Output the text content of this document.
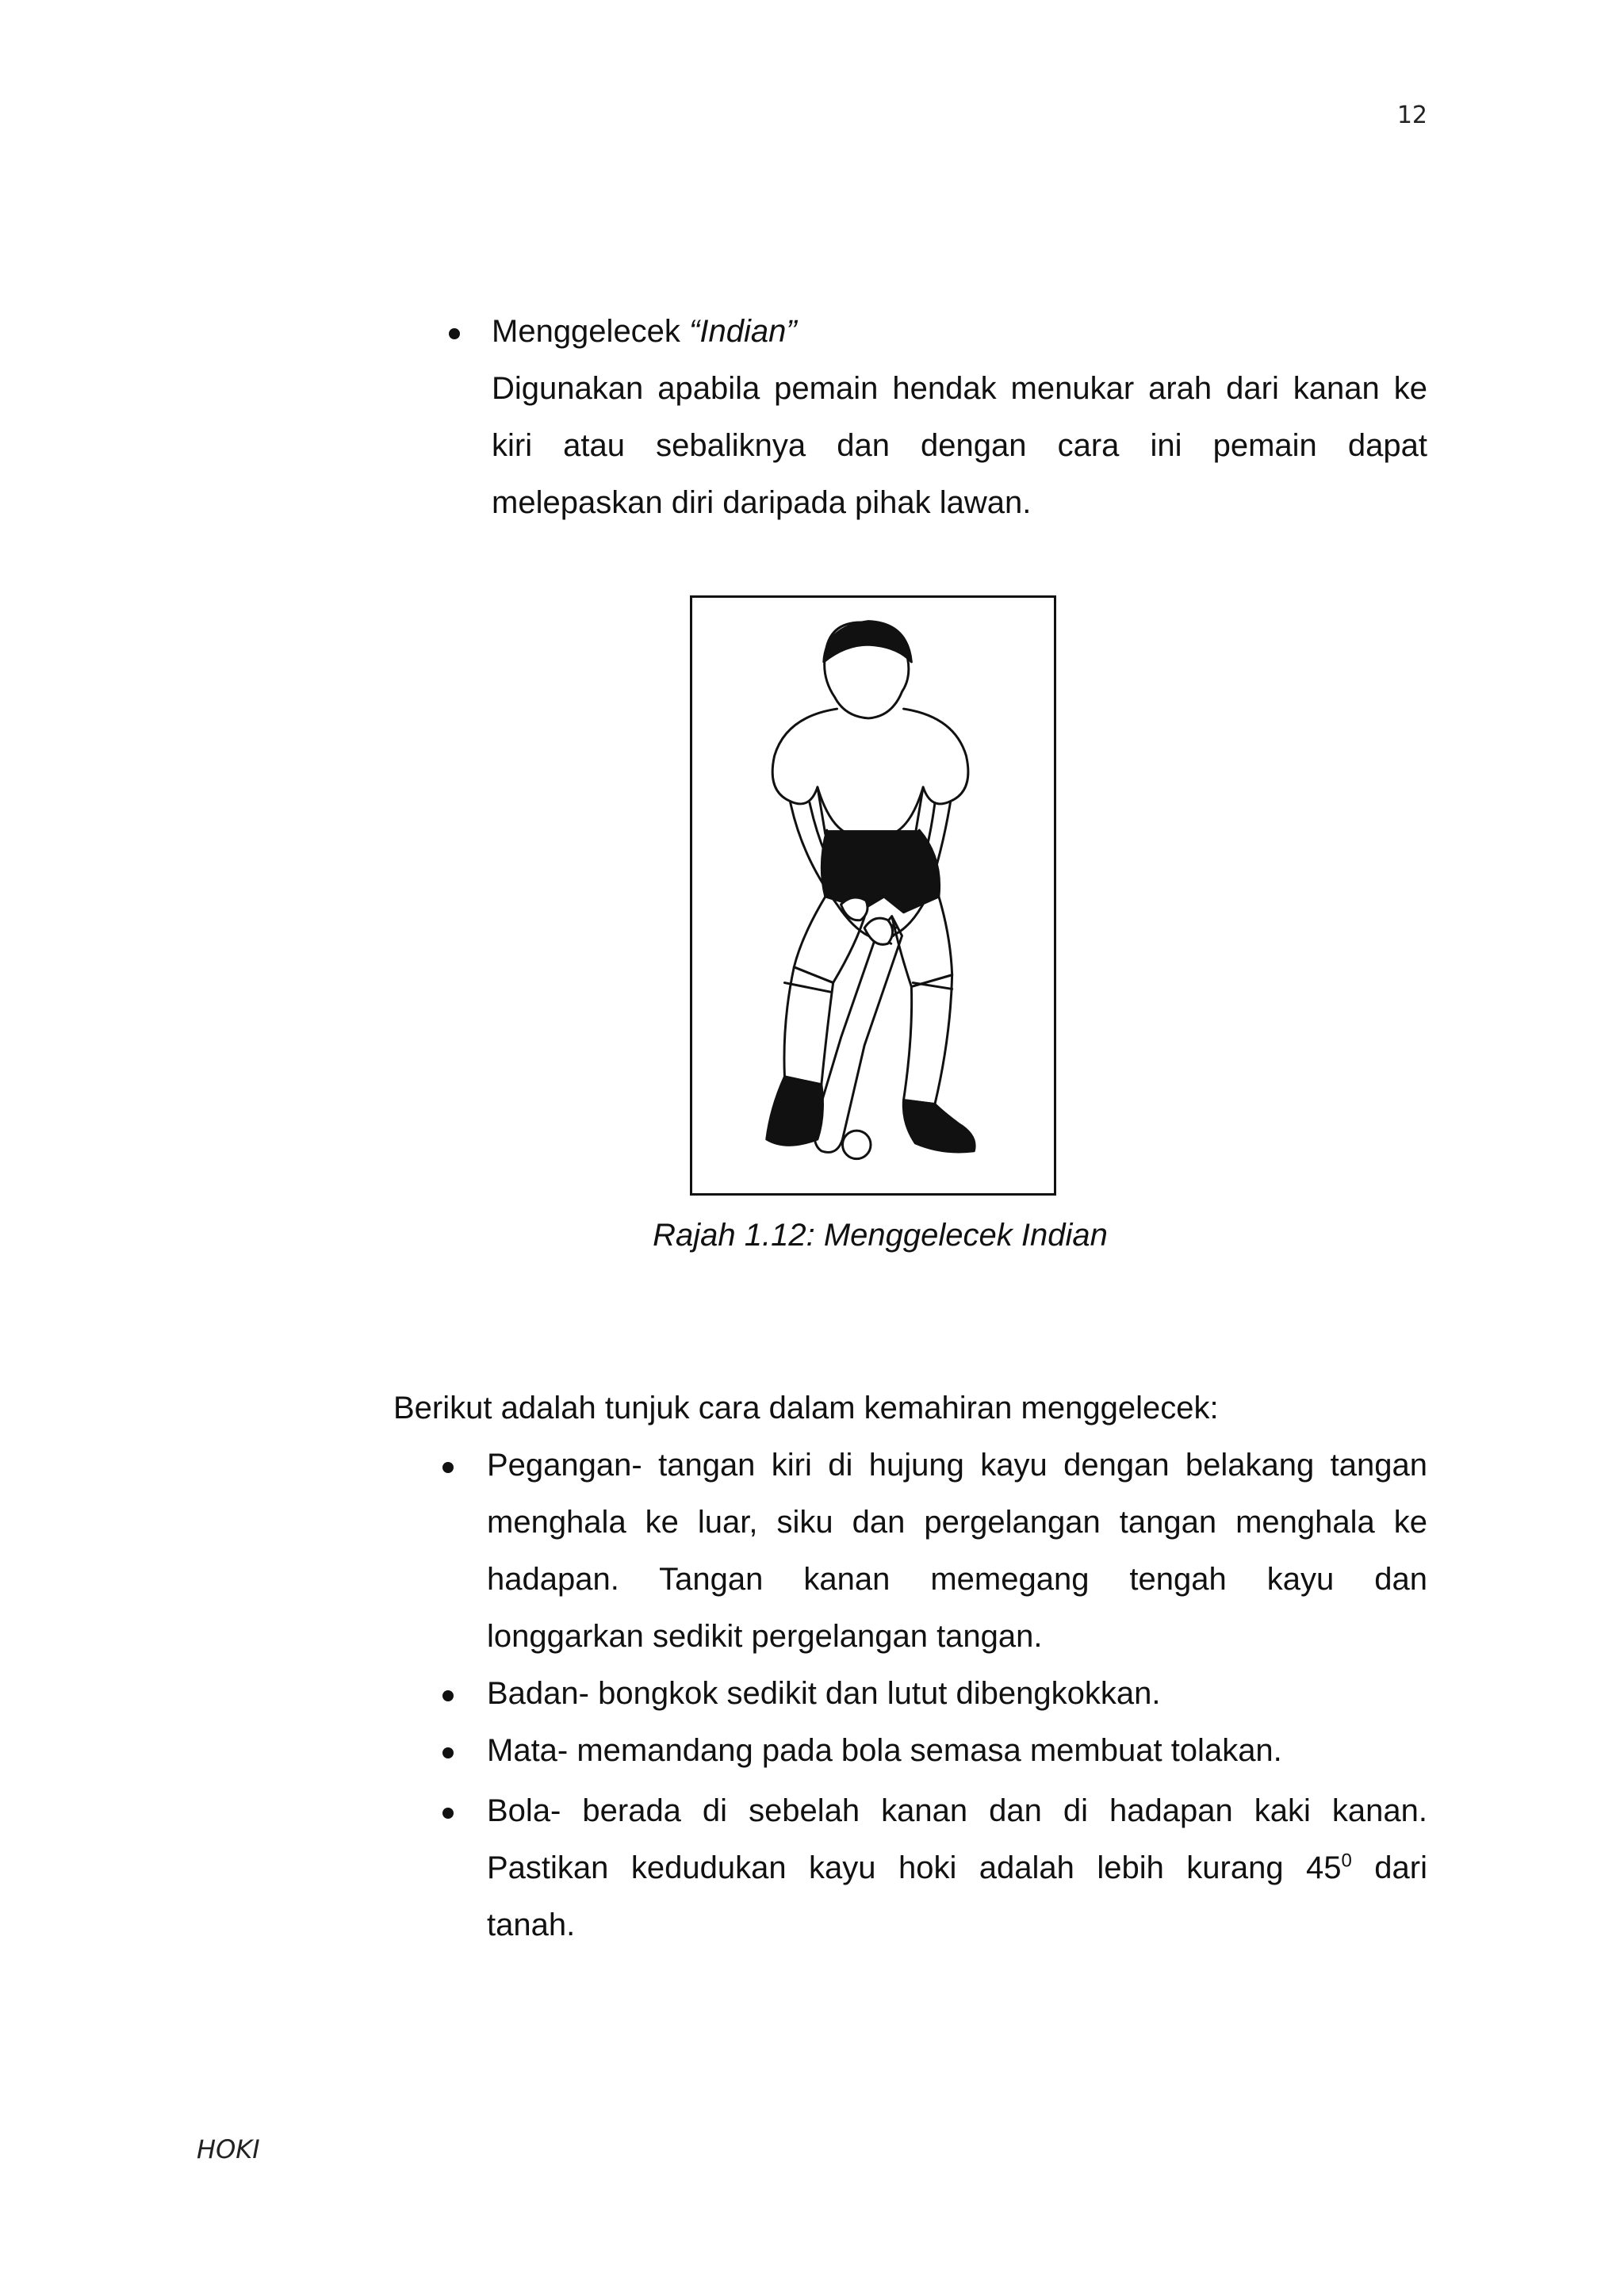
12
Menggelecek “Indian”
Digunakan apabila pemain hendak menukar arah dari kanan ke
kiri atau sebaliknya dan dengan cara ini pemain dapat
melepaskan diri daripada pihak lawan.
Rajah 1.12: Menggelecek Indian
Berikut adalah tunjuk cara dalam kemahiran menggelecek:
Pegangan- tangan kiri di hujung kayu dengan belakang tangan
menghala ke luar, siku dan pergelangan tangan menghala ke
hadapan. Tangan kanan memegang tengah kayu dan
longgarkan sedikit pergelangan tangan.
Badan- bongkok sedikit dan lutut dibengkokkan.
Mata- memandang pada bola semasa membuat tolakan.
Bola- berada di sebelah kanan dan di hadapan kaki kanan.
Pastikan kedudukan kayu hoki adalah lebih kurang $45^0$ dari
tanah.
HOKI
